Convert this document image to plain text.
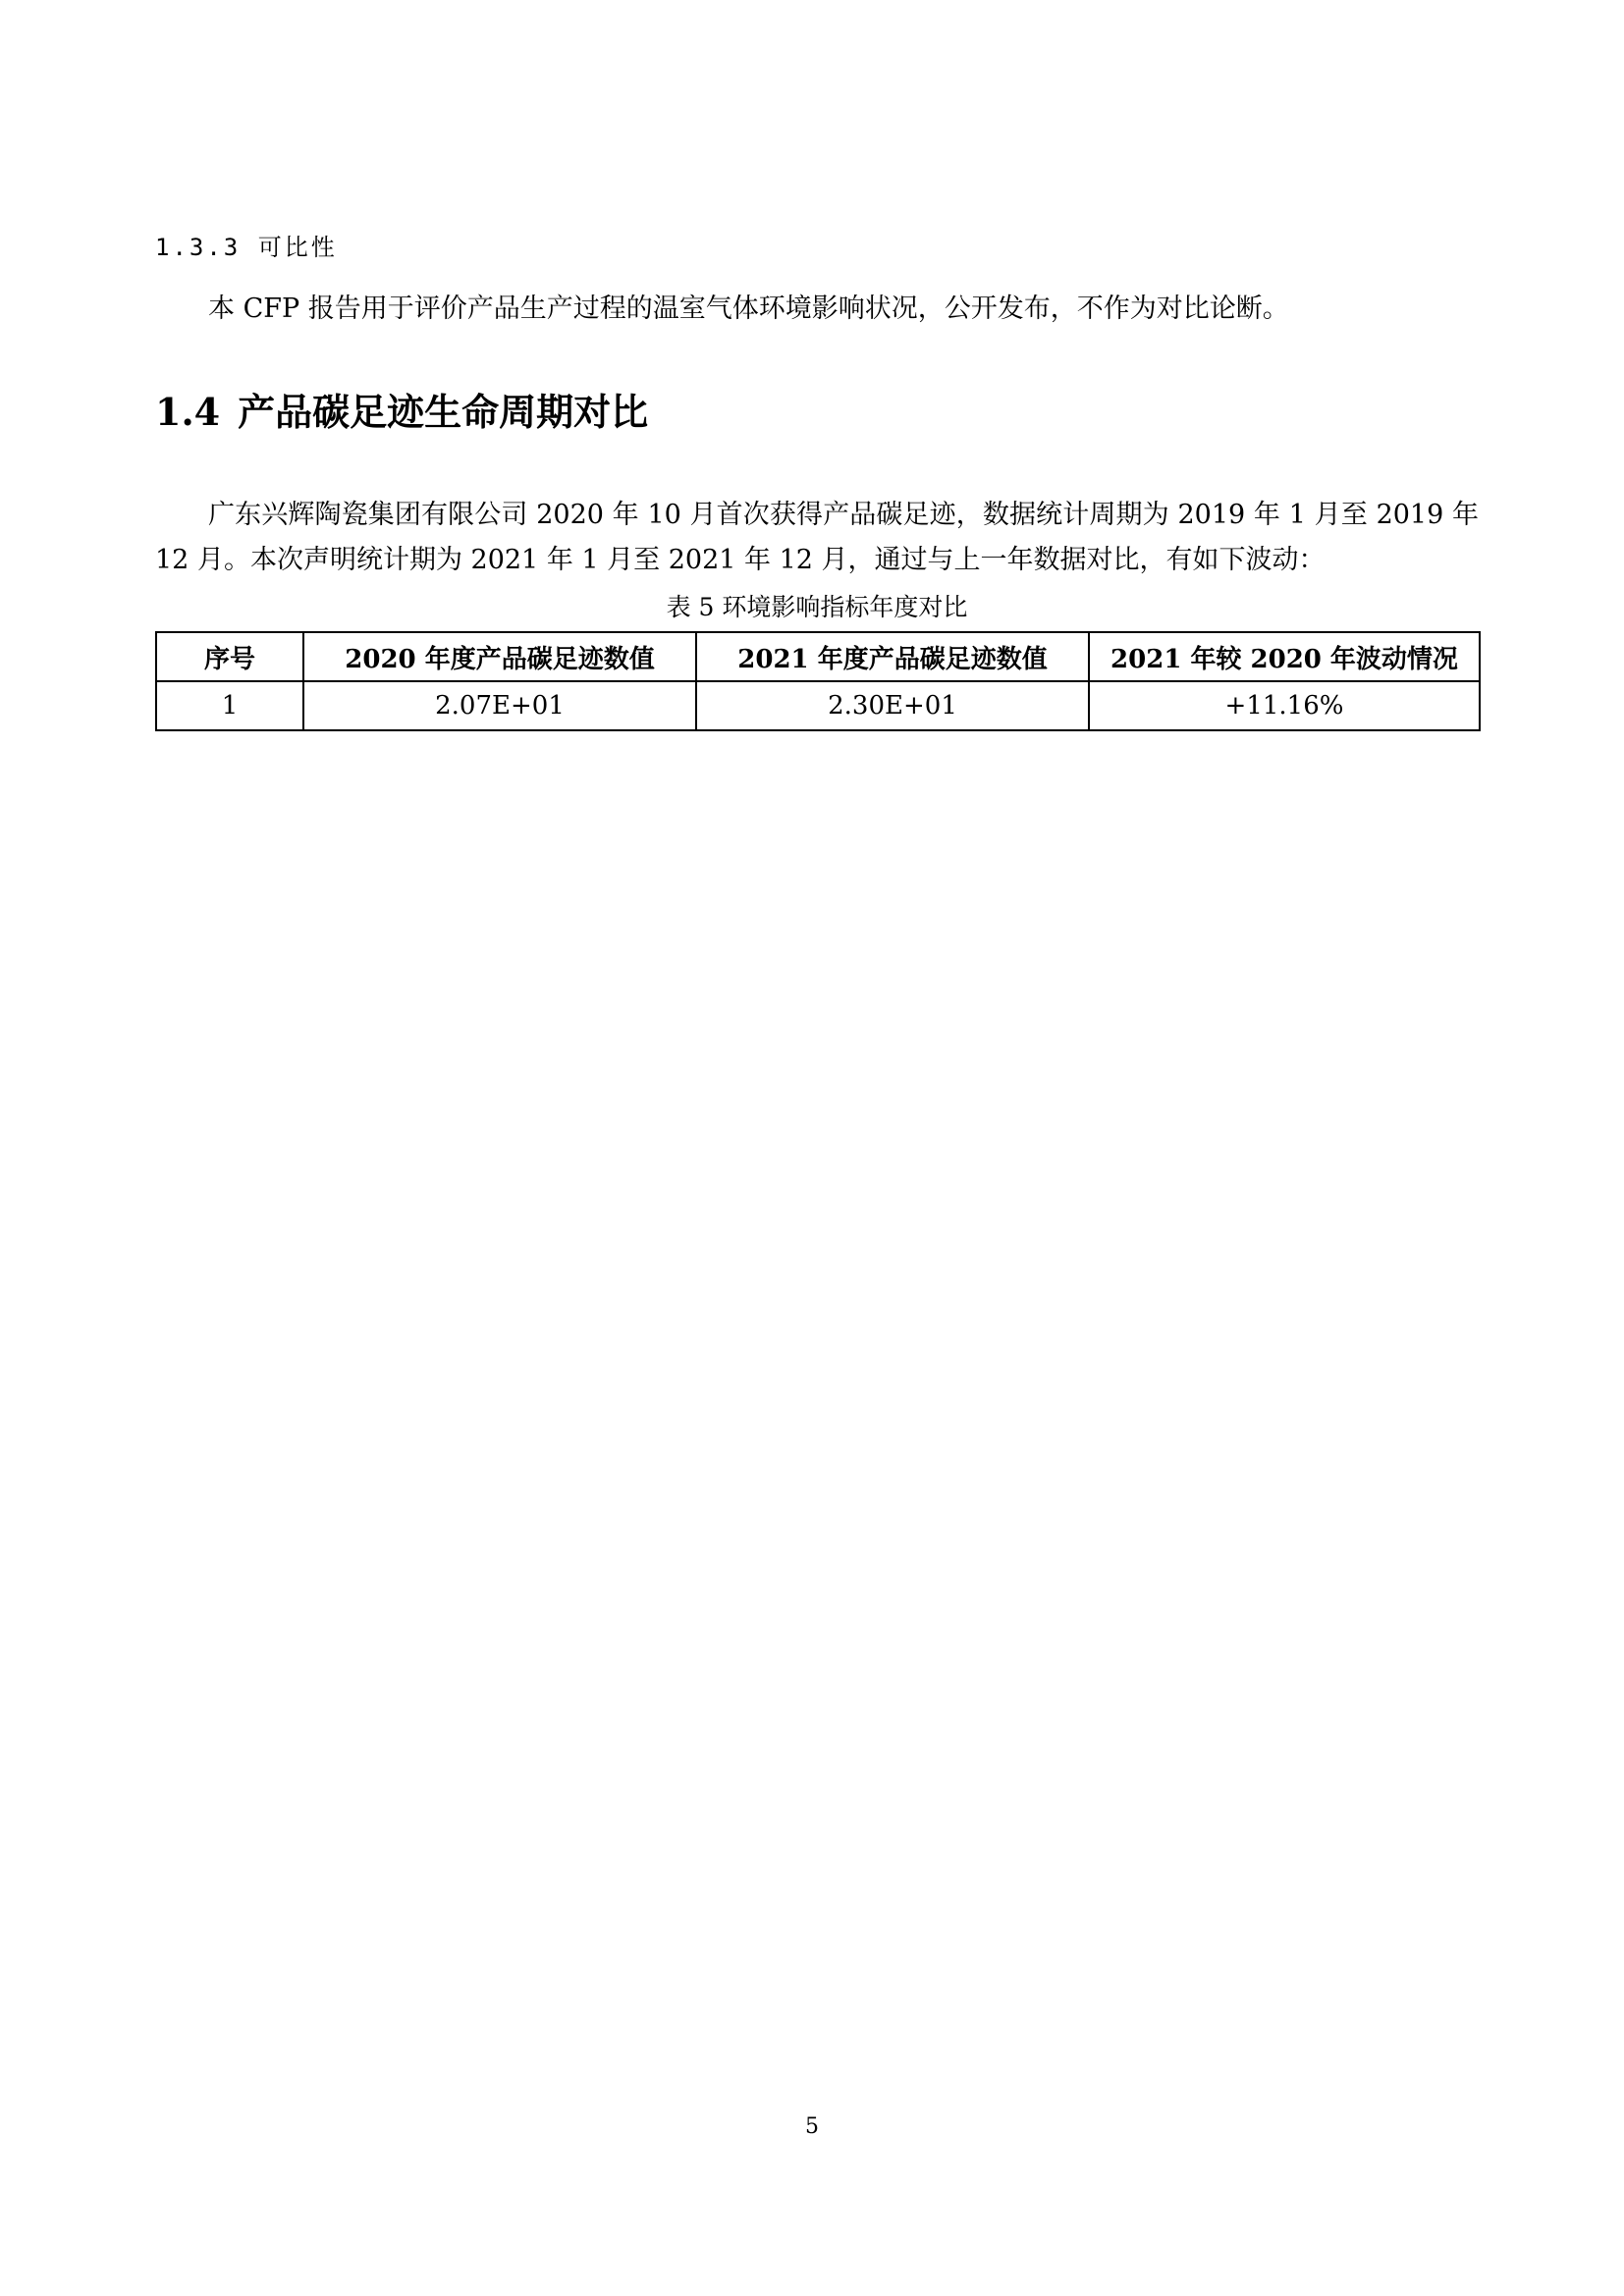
1.3.3 可比性
本 CFP 报告用于评价产品生产过程的温室气体环境影响状况，公开发布，不作为对比论断。
1.4 产品碳足迹生命周期对比
广东兴辉陶瓷集团有限公司 2020 年 10 月首次获得产品碳足迹，数据统计周期为 2019 年 1 月至 2019 年 12 月。本次声明统计期为 2021 年 1 月至 2021 年 12 月，通过与上一年数据对比，有如下波动：
表 5 环境影响指标年度对比
序号	2020 年度产品碳足迹数值	2021 年度产品碳足迹数值	2021 年较 2020 年波动情况
1	2.07E+01	2.30E+01	+11.16%
5
